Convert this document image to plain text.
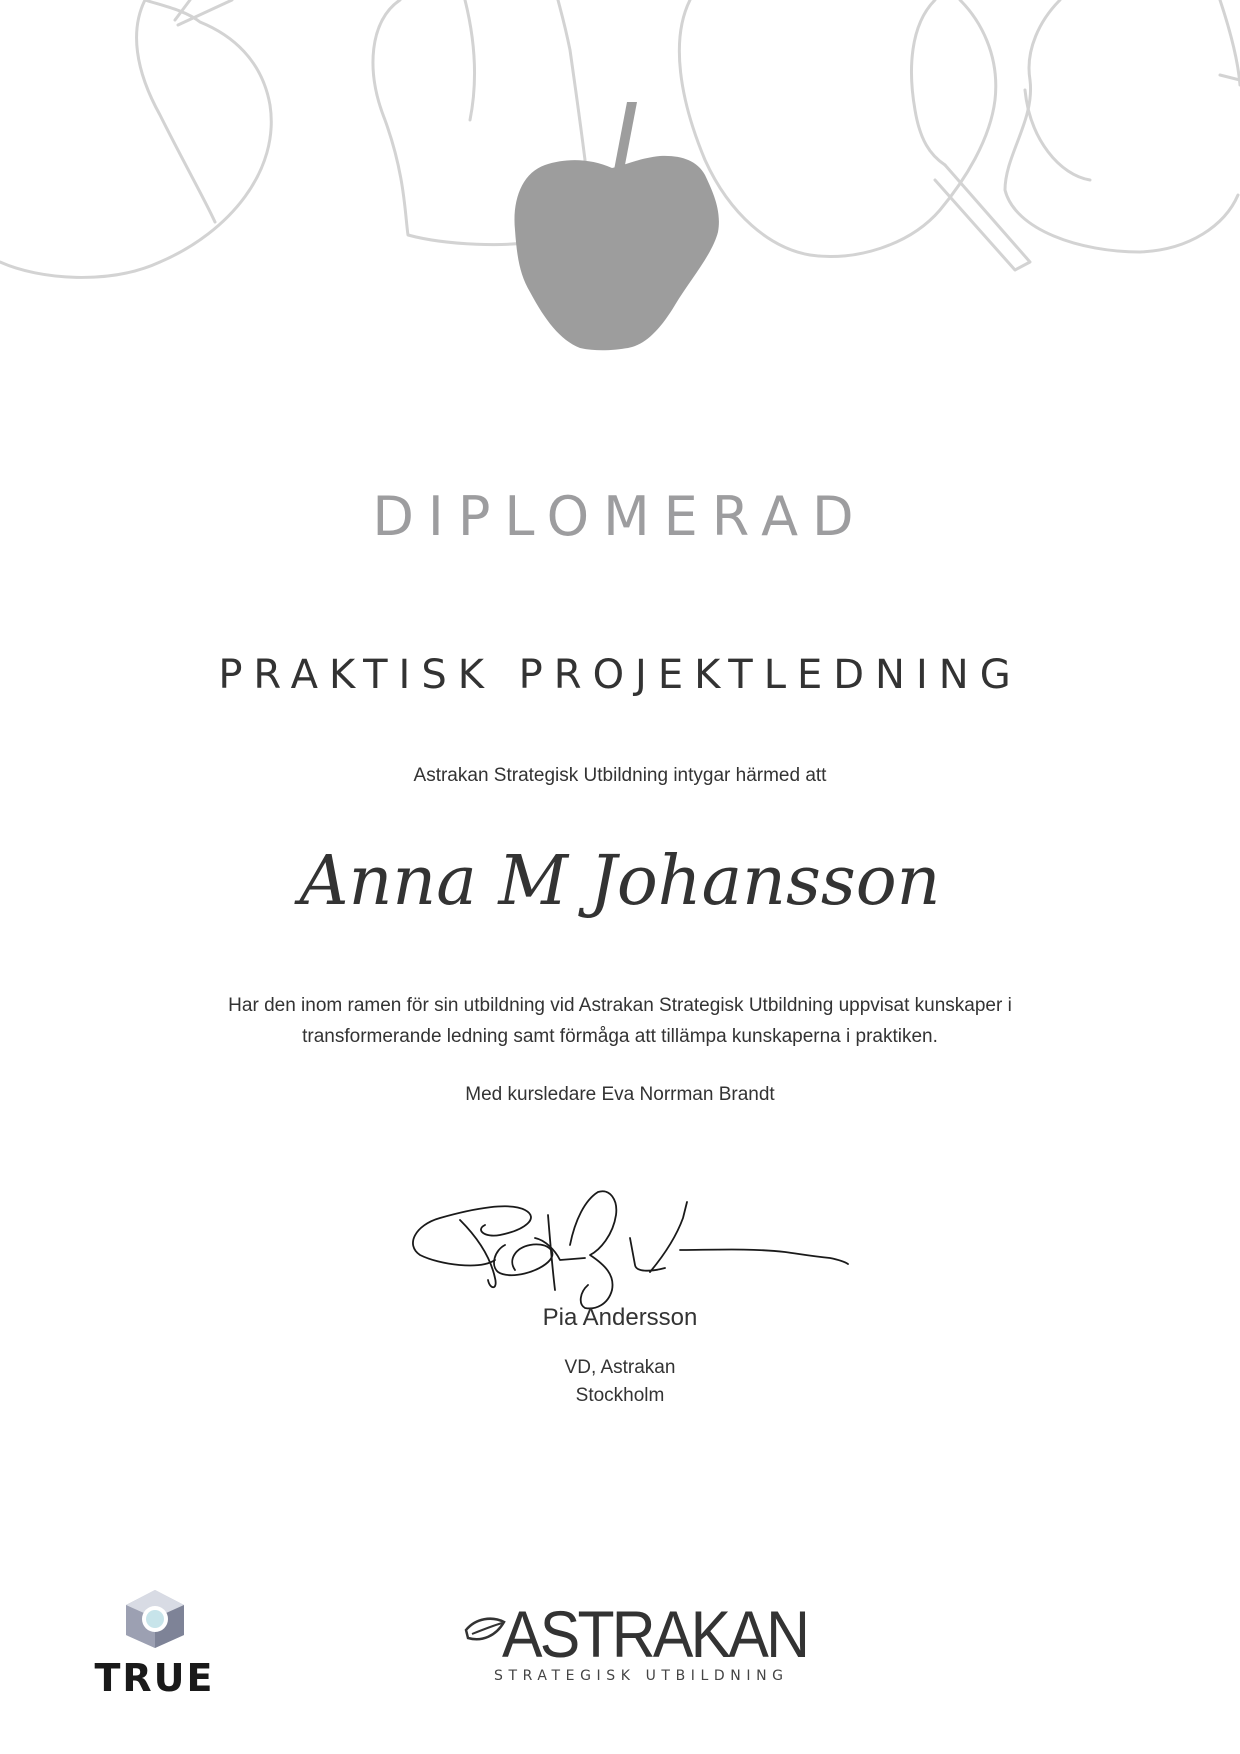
DIPLOMERAD
PRAKTISK PROJEKTLEDNING
Astrakan Strategisk Utbildning intygar härmed att
Anna M Johansson
Har den inom ramen för sin utbildning vid Astrakan Strategisk Utbildning uppvisat kunskaper i transformerande ledning samt förmåga att tillämpa kunskaperna i praktiken.
Med kursledare Eva Norrman Brandt
Pia Andersson
VD, Astrakan
Stockholm
TRUE
ASTRAKAN
STRATEGISK UTBILDNING
